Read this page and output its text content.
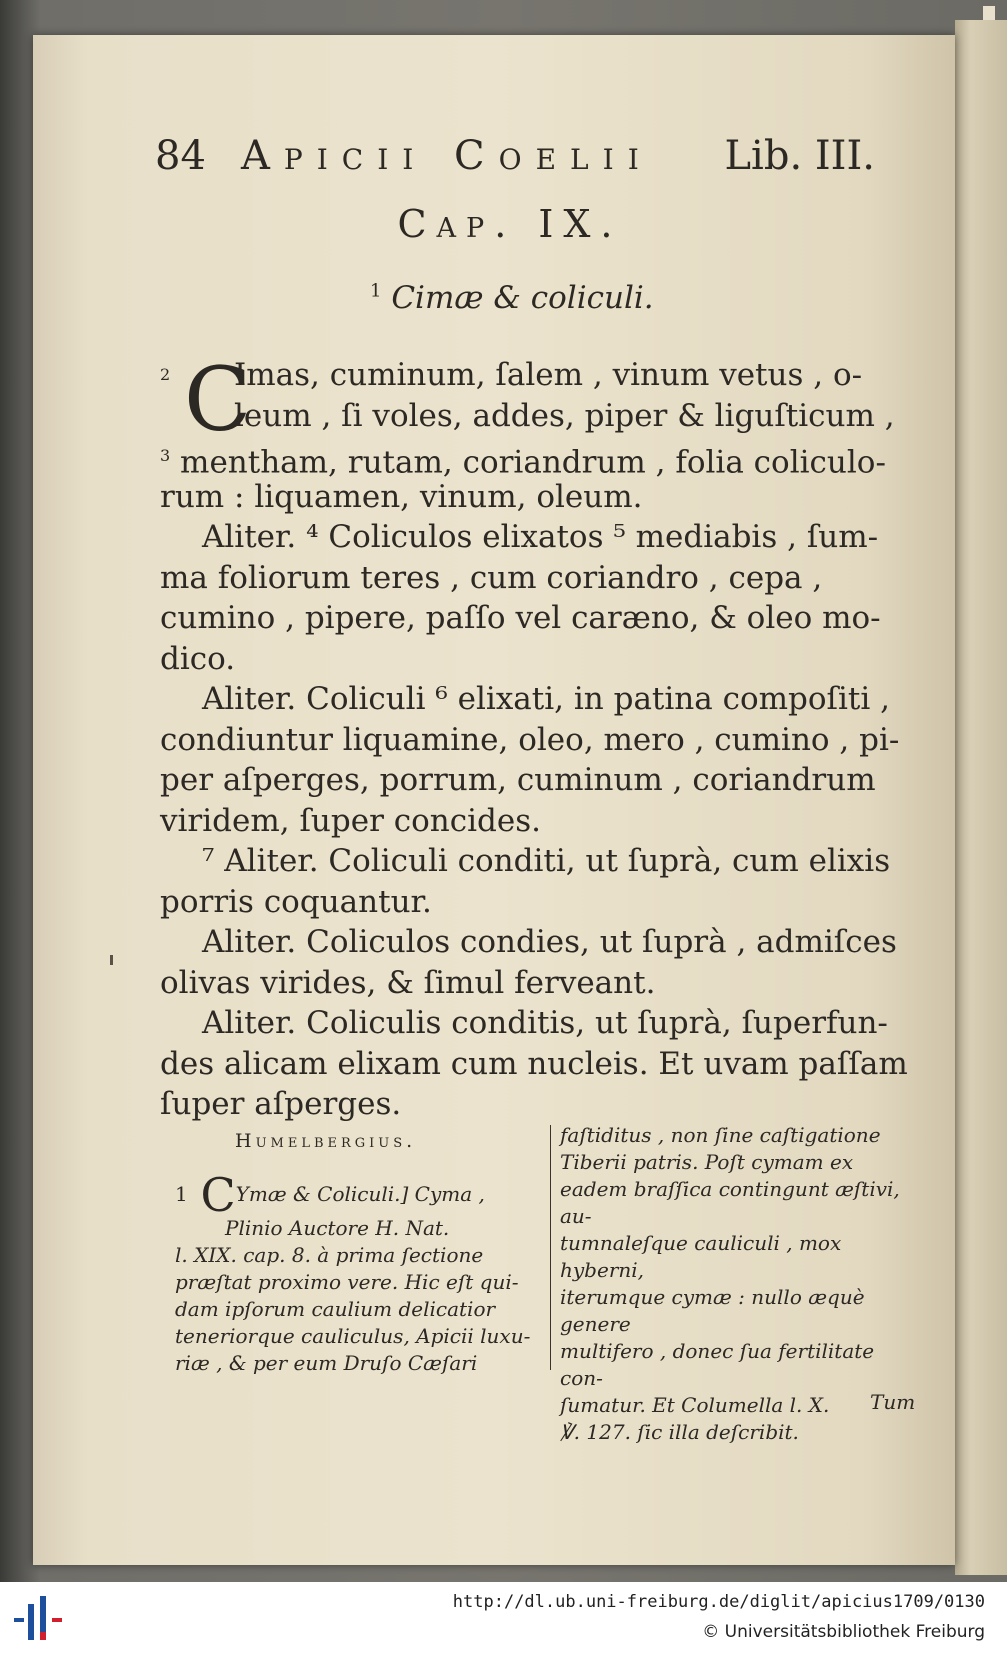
84 Apicii Coelii Lib. III.
Cap. IX.
$^1$ Cimæ & coliculi.
C
2 Imas, cuminum, ſalem , vinum vetus , o-
leum , ſi voles, addes, piper & liguſticum ,
$^3$ mentham, rutam, coriandrum , folia coliculo-
rum : liquamen, vinum, oleum.
Aliter. ⁴ Coliculos elixatos ⁵ mediabis , ſum-
ma foliorum teres , cum coriandro , cepa ,
cumino , pipere, paſſo vel caræno, & oleo mo-
dico.
Aliter. Coliculi ⁶ elixati, in patina compoſiti ,
condiuntur liquamine, oleo, mero , cumino , pi-
per aſperges, porrum, cuminum , coriandrum
viridem, ſuper concides.
⁷ Aliter. Coliculi conditi, ut ſuprà, cum elixis
porris coquantur.
Aliter. Coliculos condies, ut ſuprà , admiſces
olivas virides, & ſimul ferveant.
Aliter. Coliculis conditis, ut ſuprà, ſuperfun-
des alicam elixam cum nucleis. Et uvam paſſam
ſuper aſperges.
Humelbergius.
1 CYmæ & Coliculi.] Cyma ,
Plinio Auctore H. Nat.
l. XIX. cap. 8. à prima ſectione
præſtat proximo vere. Hic eſt qui-
dam ipſorum caulium delicatior
teneriorque cauliculus, Apicii luxu-
riæ , & per eum Druſo Cæſari
faſtiditus , non ſine caſtigatione
Tiberii patris. Poſt cymam ex
eadem braſſica contingunt æſtivi, au-
tumnaleſque cauliculi , mox hyberni,
iterumque cymæ : nullo æquè genere
multifero , donec ſua fertilitate con-
ſumatur. Et Columella l. X.
℣. 127. ſic illa deſcribit.
Tum
http://dl.ub.uni-freiburg.de/diglit/apicius1709/0130
© Universitätsbibliothek Freiburg
